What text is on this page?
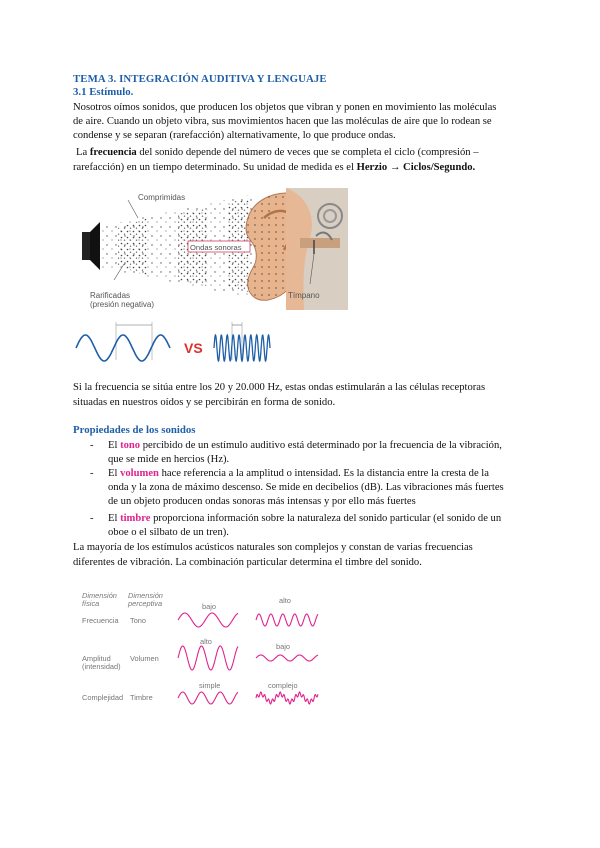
TEMA 3. INTEGRACIÓN AUDITIVA Y LENGUAJE
3.1 Estímulo.
Nosotros oímos sonidos, que producen los objetos que vibran y ponen en movimiento las moléculas
de aire. Cuando un objeto vibra, sus movimientos hacen que las moléculas de aire que lo rodean se
condense y se separan (rarefacción) alternativamente, lo que produce ondas.
La frecuencia del sonido depende del número de veces que se completa el ciclo (compresión –
rarefacción) en un tiempo determinado. Su unidad de medida es el Herzio → Ciclos/Segundo.
Comprimidas
Ondas sonoras
Rarificadas
(presión negativa)
Tímpano
VS
Si la frecuencia se sitúa entre los 20 y 20.000 Hz, estas ondas estimularán a las células receptoras
situadas en nuestros oídos y se percibirán en forma de sonido.
Propiedades de los sonidos
- El tono percibido de un estímulo auditivo está determinado por la frecuencia de la vibración,
que se mide en hercios (Hz).
- El volumen hace referencia a la amplitud o intensidad. Es la distancia entre la cresta de la
onda y la zona de máximo descenso. Se mide en decibelios (dB). Las vibraciones más fuertes
de un objeto producen ondas sonoras más intensas y por ello más fuertes
- El timbre proporciona información sobre la naturaleza del sonido particular (el sonido de un
oboe o el silbato de un tren).
La mayoría de los estímulos acústicos naturales son complejos y constan de varias frecuencias
diferentes de vibración. La combinación particular determina el timbre del sonido.
Dimensión
física
Dimensión
perceptiva
Frecuencia Tono
bajo
alto
Amplitud
(intensidad)
Volumen
alto
bajo
Complejidad Timbre
simple	complejo
